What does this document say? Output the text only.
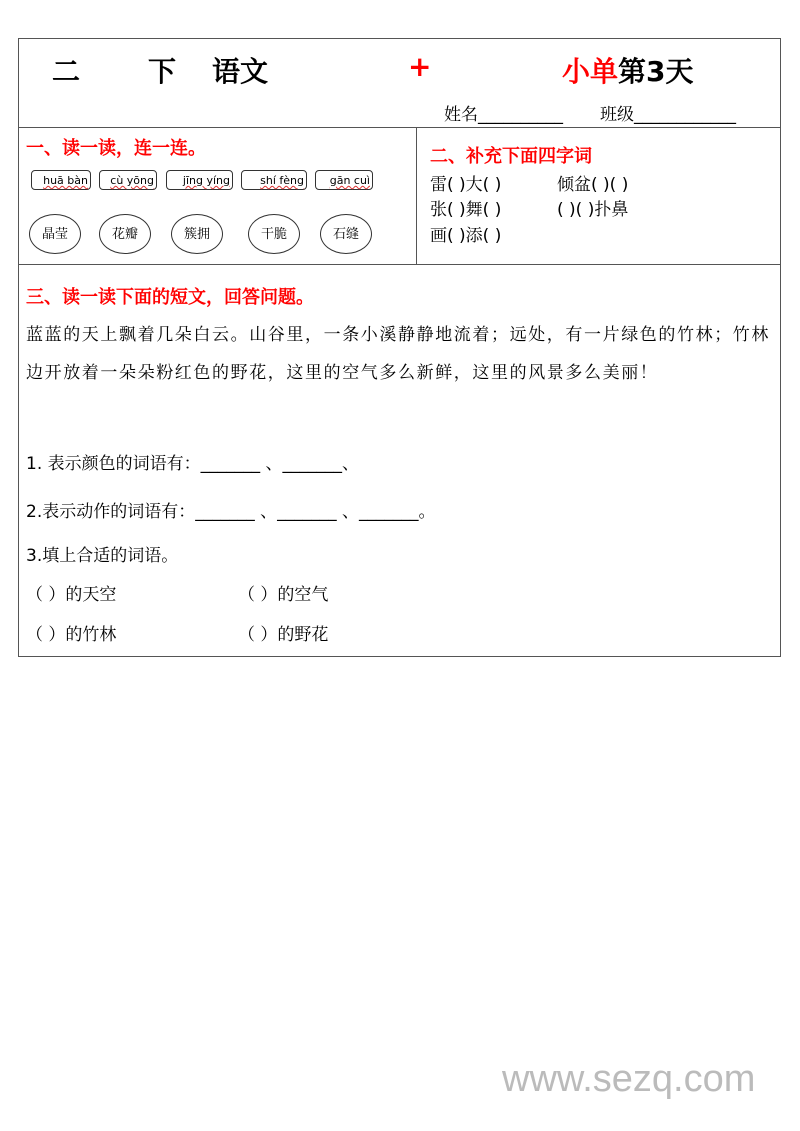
二 下 语文	+	小单第3天
姓名__________ 班级____________
一、读一读，连一连。
huā bàn	cù yōng	jīng yíng	shí fèng	gān cuì
晶莹	花瓣	簇拥	干脆	石缝
二、补充下面四字词
雷( )大( )	倾盆( )( )
张( )舞( )	( )( )扑鼻
画( )添( )
三、读一读下面的短文，回答问题。
蓝蓝的天上飘着几朵白云。山谷里，一条小溪静静地流着；远处，有一片绿色的竹林；竹林边开放着一朵朵粉红色的野花，这里的空气多么新鲜，这里的风景多么美丽！
1. 表示颜色的词语有：_______ 、_______、
2.表示动作的词语有：_______ 、_______ 、_______。
3.填上合适的词语。
（ ）的天空	（ ）的空气
（ ）的竹林	（ ）的野花
www.sezq.com
